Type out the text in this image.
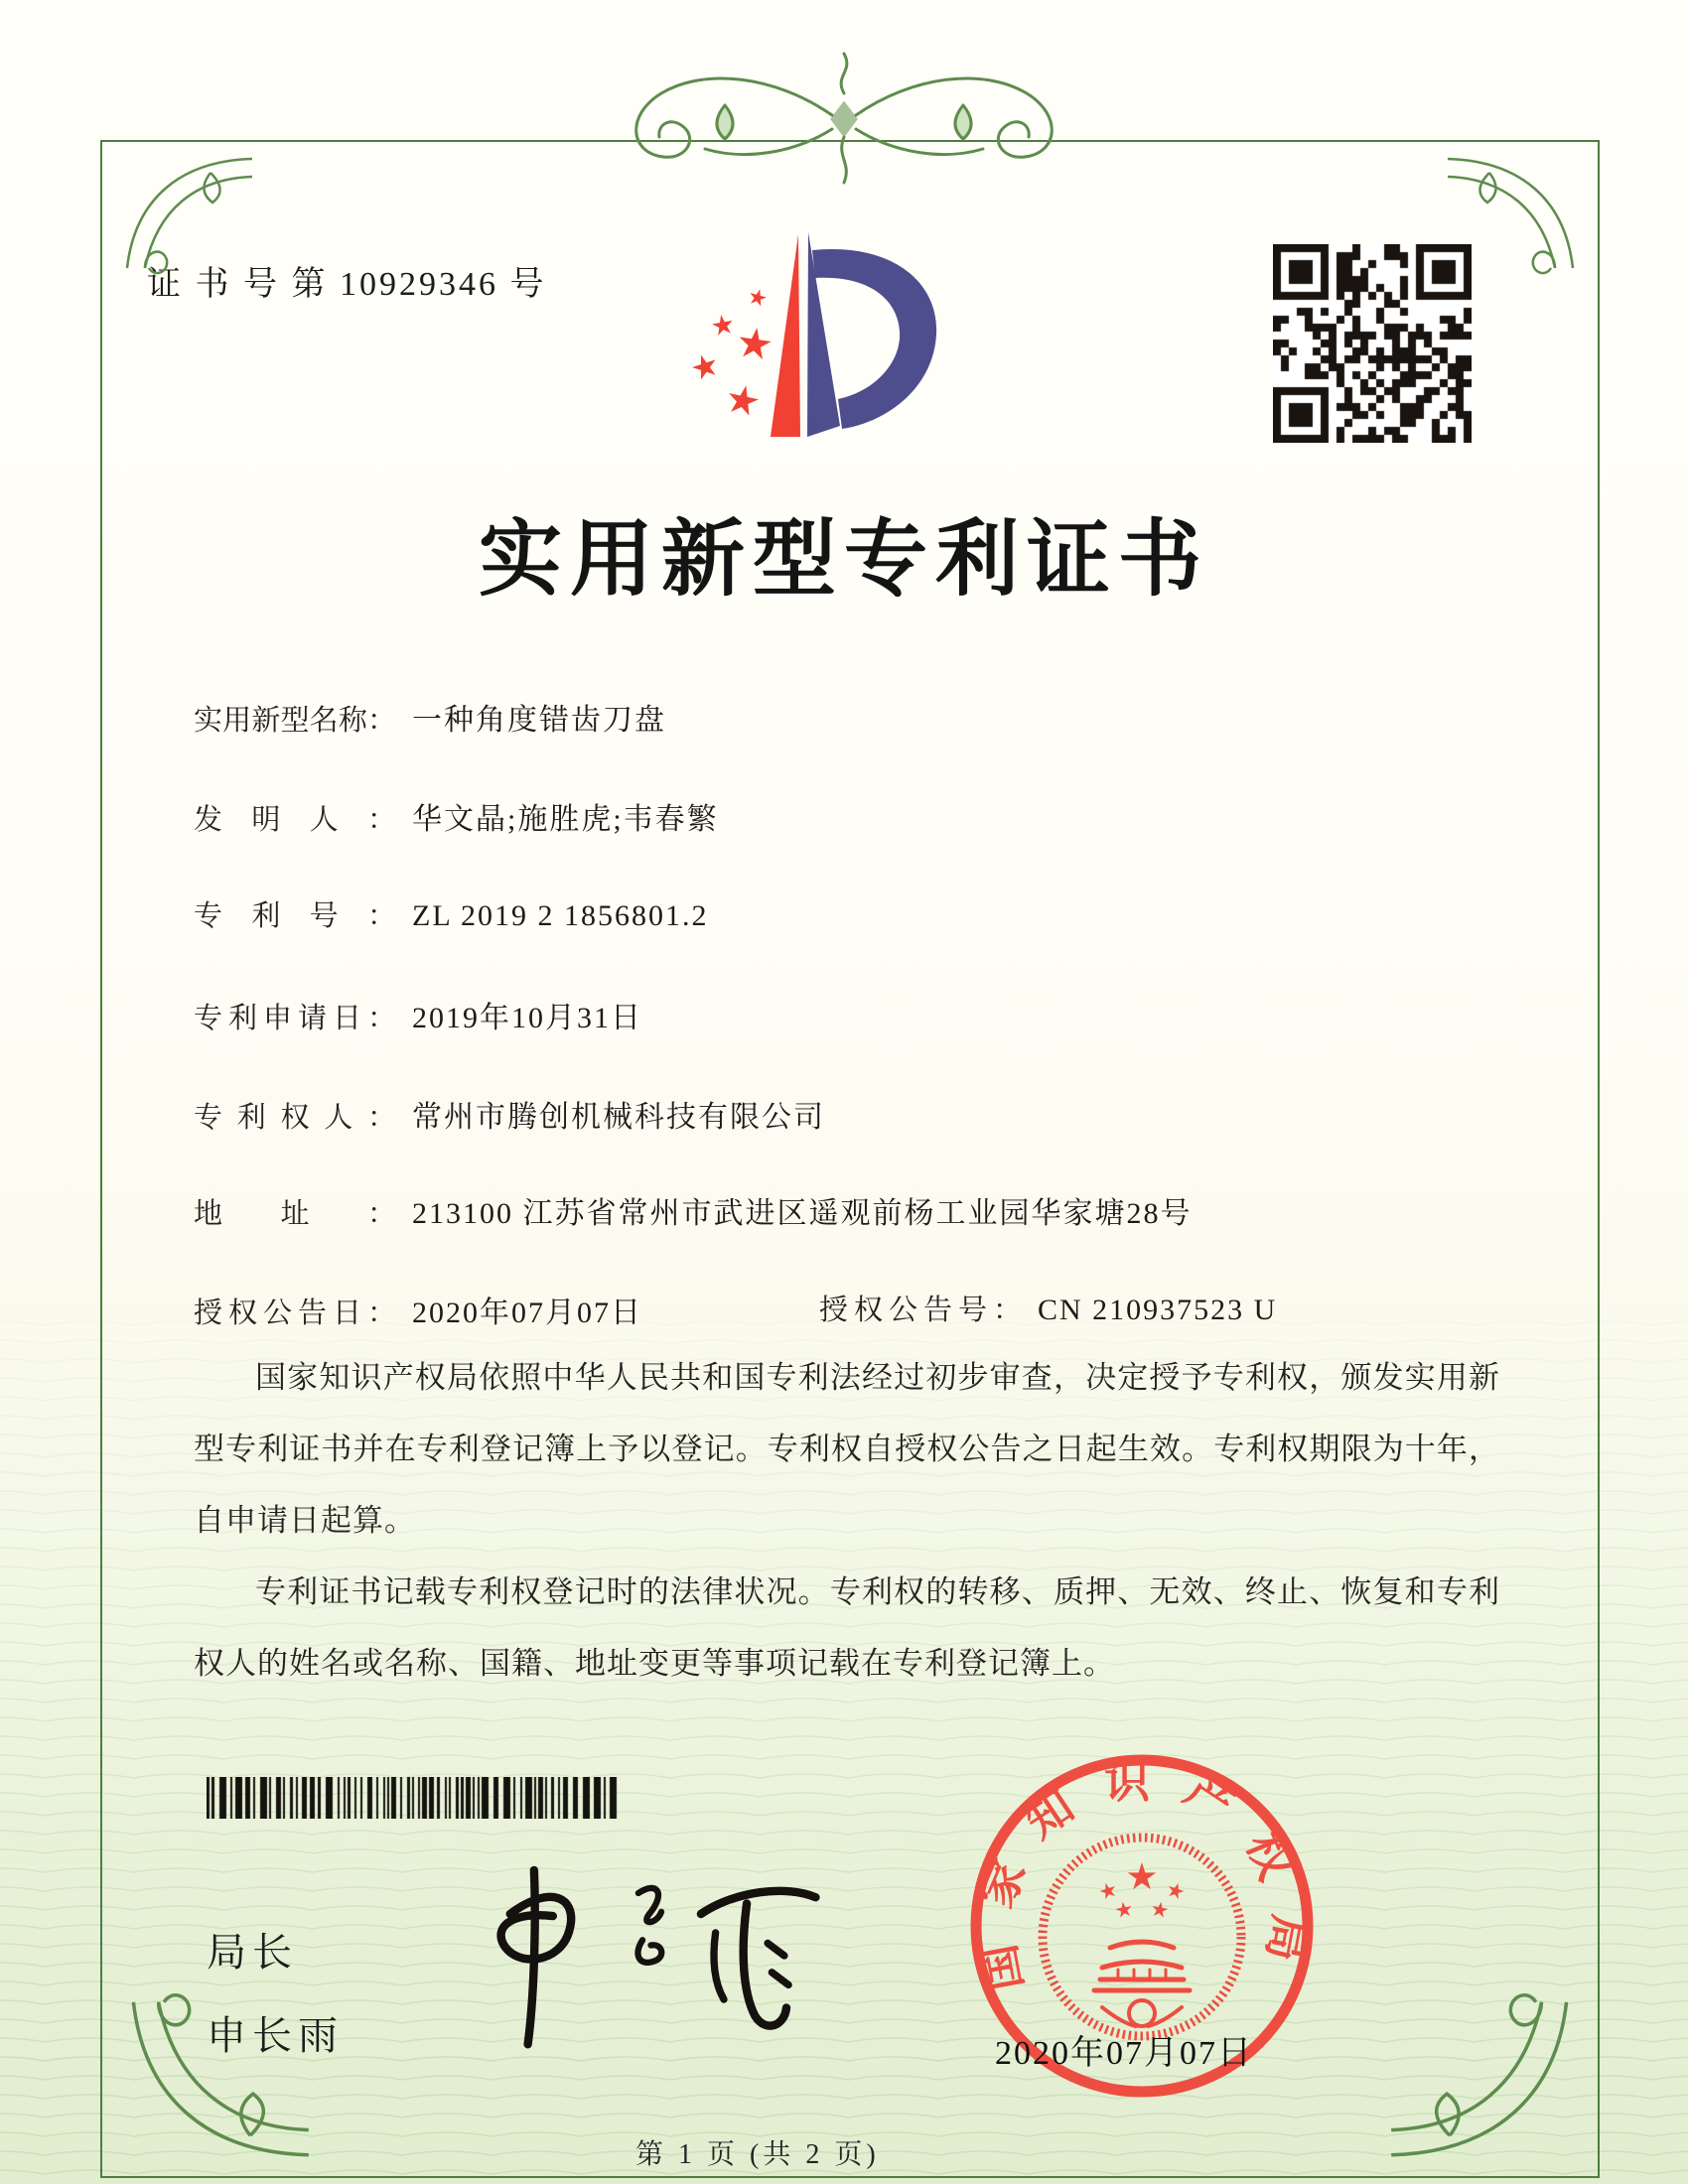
证 书 号 第 10929346 号
实用新型专利证书
实用新型名称： 一种角度错齿刀盘
发明人： 华文晶;施胜虎;韦春繁
专利号： ZL 2019 2 1856801.2
专利申请日： 2019年10月31日
专利权人： 常州市腾创机械科技有限公司
地址： 213100 江苏省常州市武进区遥观前杨工业园华家塘28号
授权公告日： 2020年07月07日	授权公告号： CN 210937523 U

国家知识产权局依照中华人民共和国专利法经过初步审查，决定授予专利权，颁发实用新型专利证书并在专利登记簿上予以登记。专利权自授权公告之日起生效。专利权期限为十年，自申请日起算。

专利证书记载专利权登记时的法律状况。专利权的转移、质押、无效、终止、恢复和专利权人的姓名或名称、国籍、地址变更等事项记载在专利登记簿上。

局长
申长雨
国家知识产权局
2020年07月07日
第 1 页 (共 2 页)
